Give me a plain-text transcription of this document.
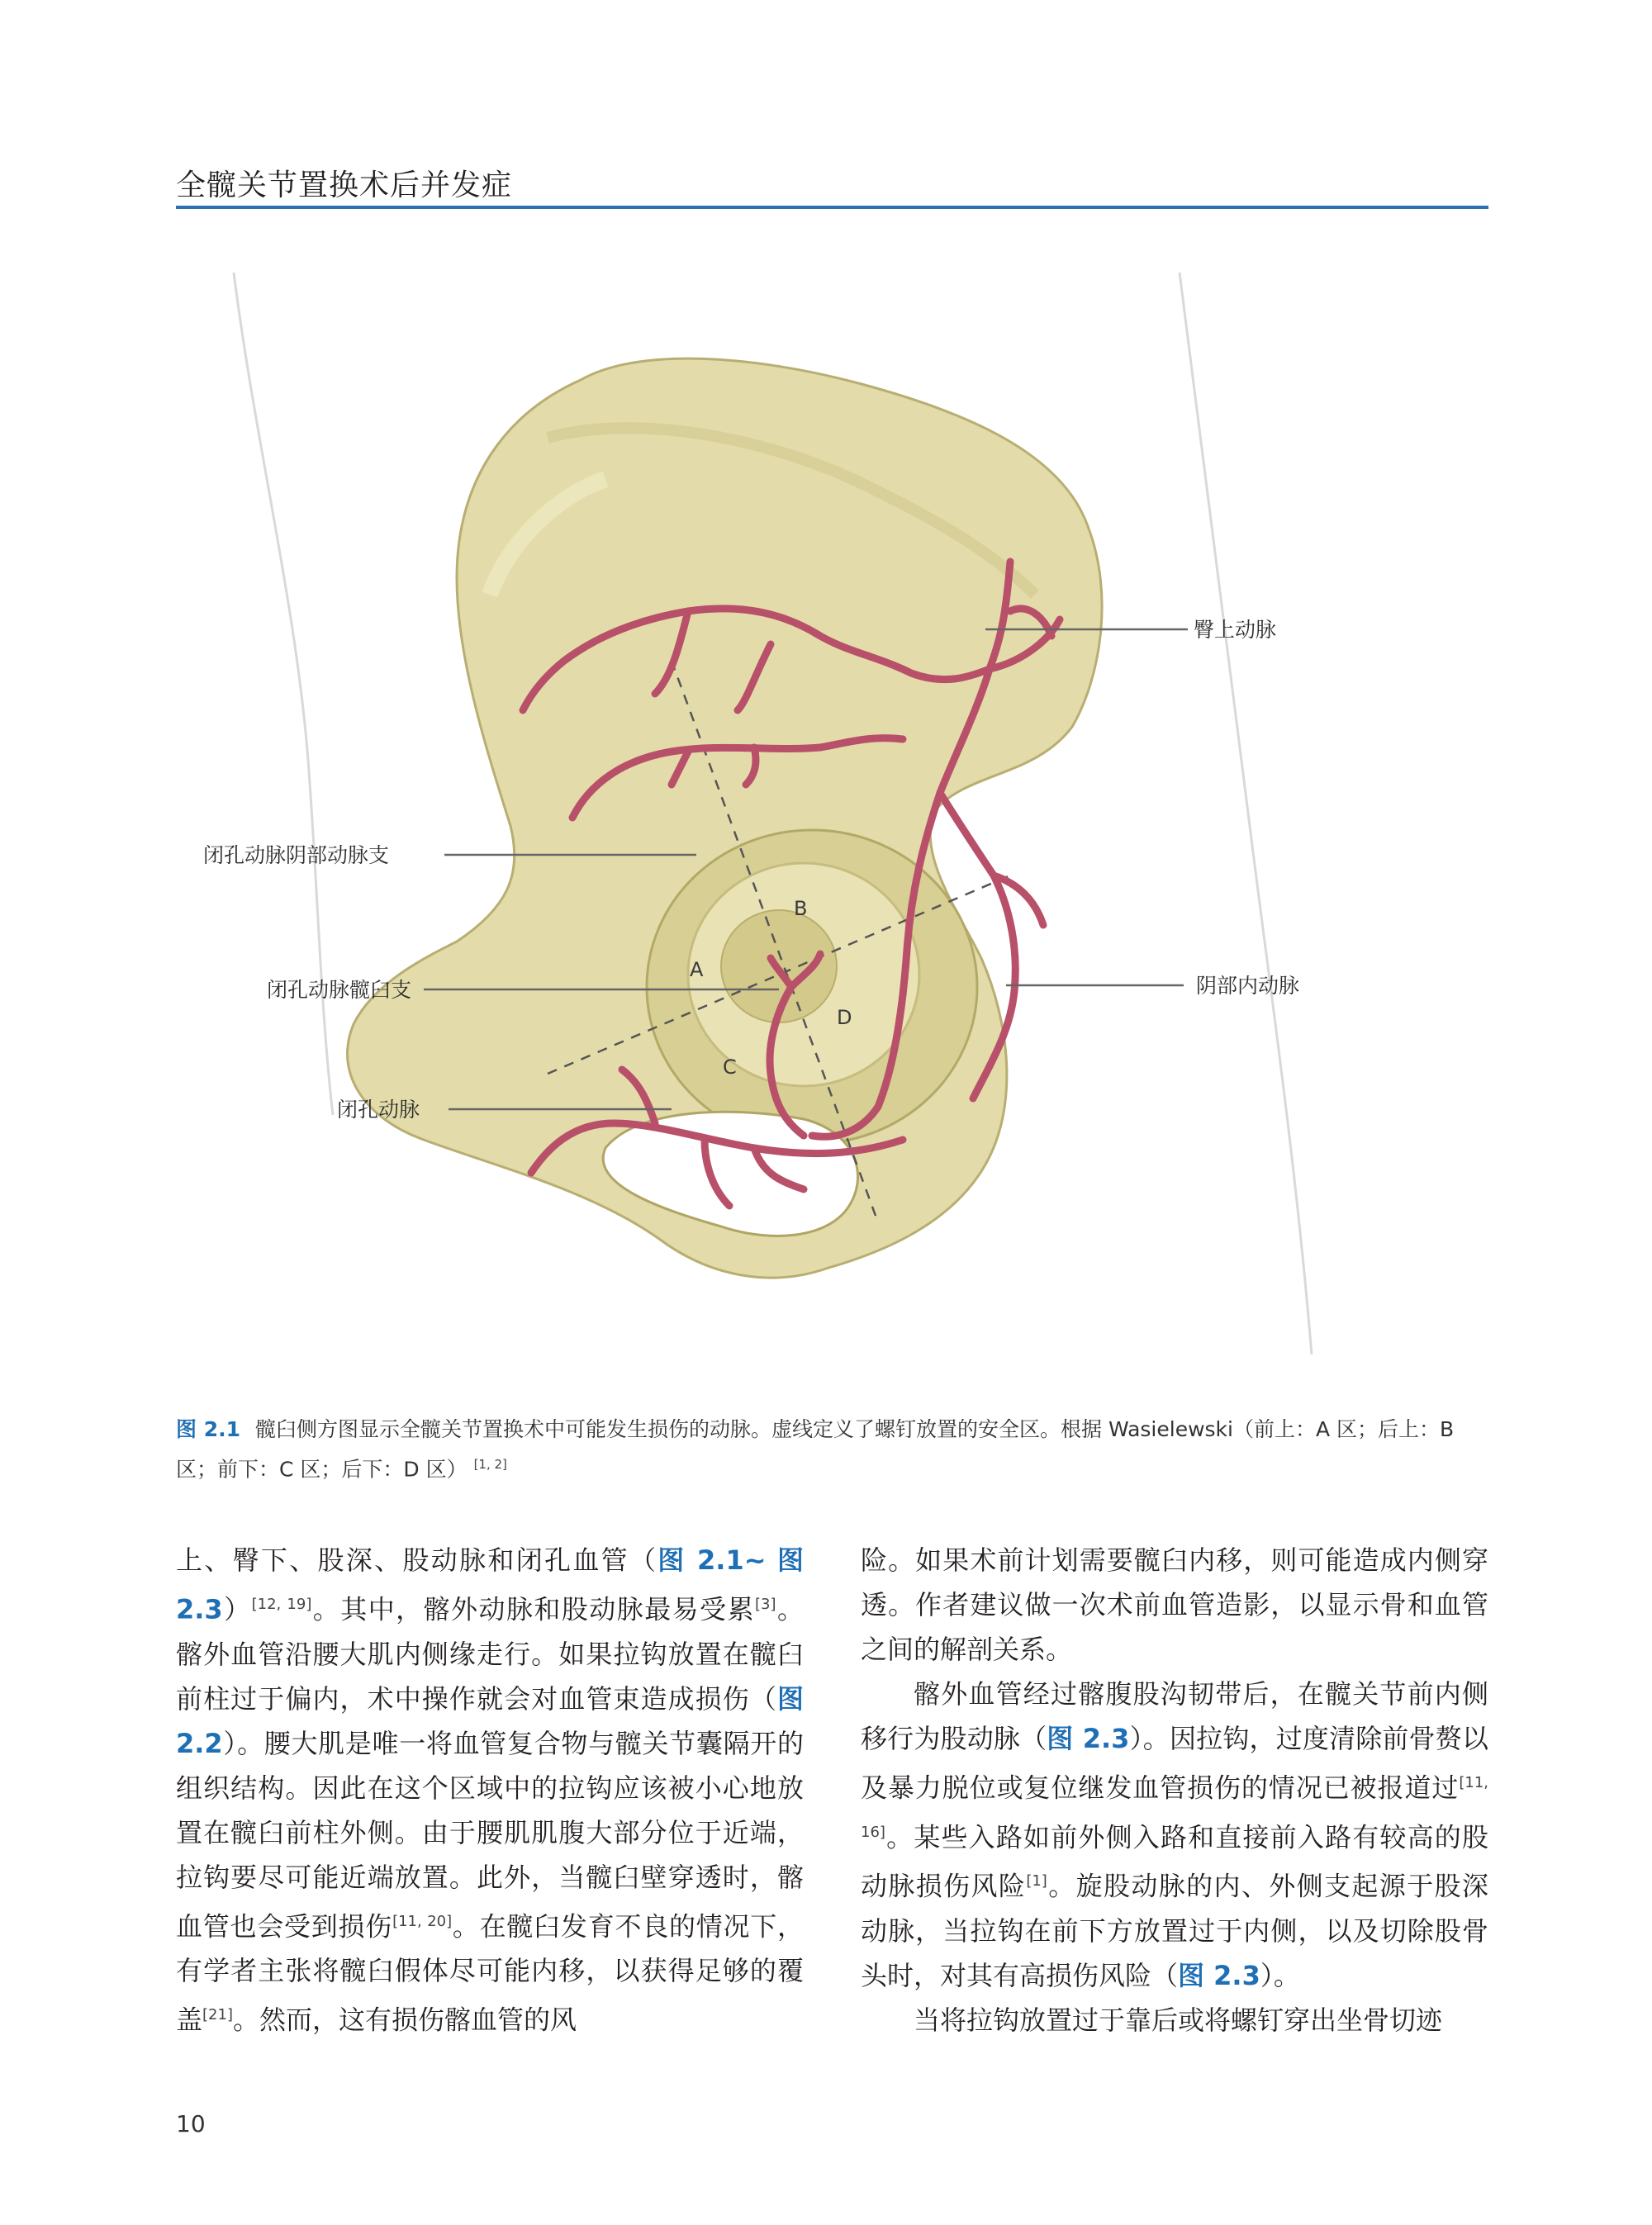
全髋关节置换术后并发症
A
B
C
D
臀上动脉
闭孔动脉阴部动脉支
闭孔动脉髋臼支
闭孔动脉
阴部内动脉
图 2.1 髋臼侧方图显示全髋关节置换术中可能发生损伤的动脉。虚线定义了螺钉放置的安全区。根据 Wasielewski（前上：A 区；后上：B 区；前下：C 区；后下：D 区） [1, 2]

上、臀下、股深、股动脉和闭孔血管（图 2.1~ 图 2.3）[12, 19]。其中，髂外动脉和股动脉最易受累[3]。髂外血管沿腰大肌内侧缘走行。如果拉钩放置在髋臼前柱过于偏内，术中操作就会对血管束造成损伤（图 2.2）。腰大肌是唯一将血管复合物与髋关节囊隔开的组织结构。因此在这个区域中的拉钩应该被小心地放置在髋臼前柱外侧。由于腰肌肌腹大部分位于近端，拉钩要尽可能近端放置。此外，当髋臼壁穿透时，髂血管也会受到损伤[11, 20]。在髋臼发育不良的情况下，有学者主张将髋臼假体尽可能内移，以获得足够的覆盖[21]。然而，这有损伤髂血管的风

险。如果术前计划需要髋臼内移，则可能造成内侧穿透。作者建议做一次术前血管造影，以显示骨和血管之间的解剖关系。

髂外血管经过髂腹股沟韧带后，在髋关节前内侧移行为股动脉（图 2.3）。因拉钩，过度清除前骨赘以及暴力脱位或复位继发血管损伤的情况已被报道过[11, 16]。某些入路如前外侧入路和直接前入路有较高的股动脉损伤风险[1]。旋股动脉的内、外侧支起源于股深动脉，当拉钩在前下方放置过于内侧，以及切除股骨头时，对其有高损伤风险（图 2.3）。

当将拉钩放置过于靠后或将螺钉穿出坐骨切迹

10
